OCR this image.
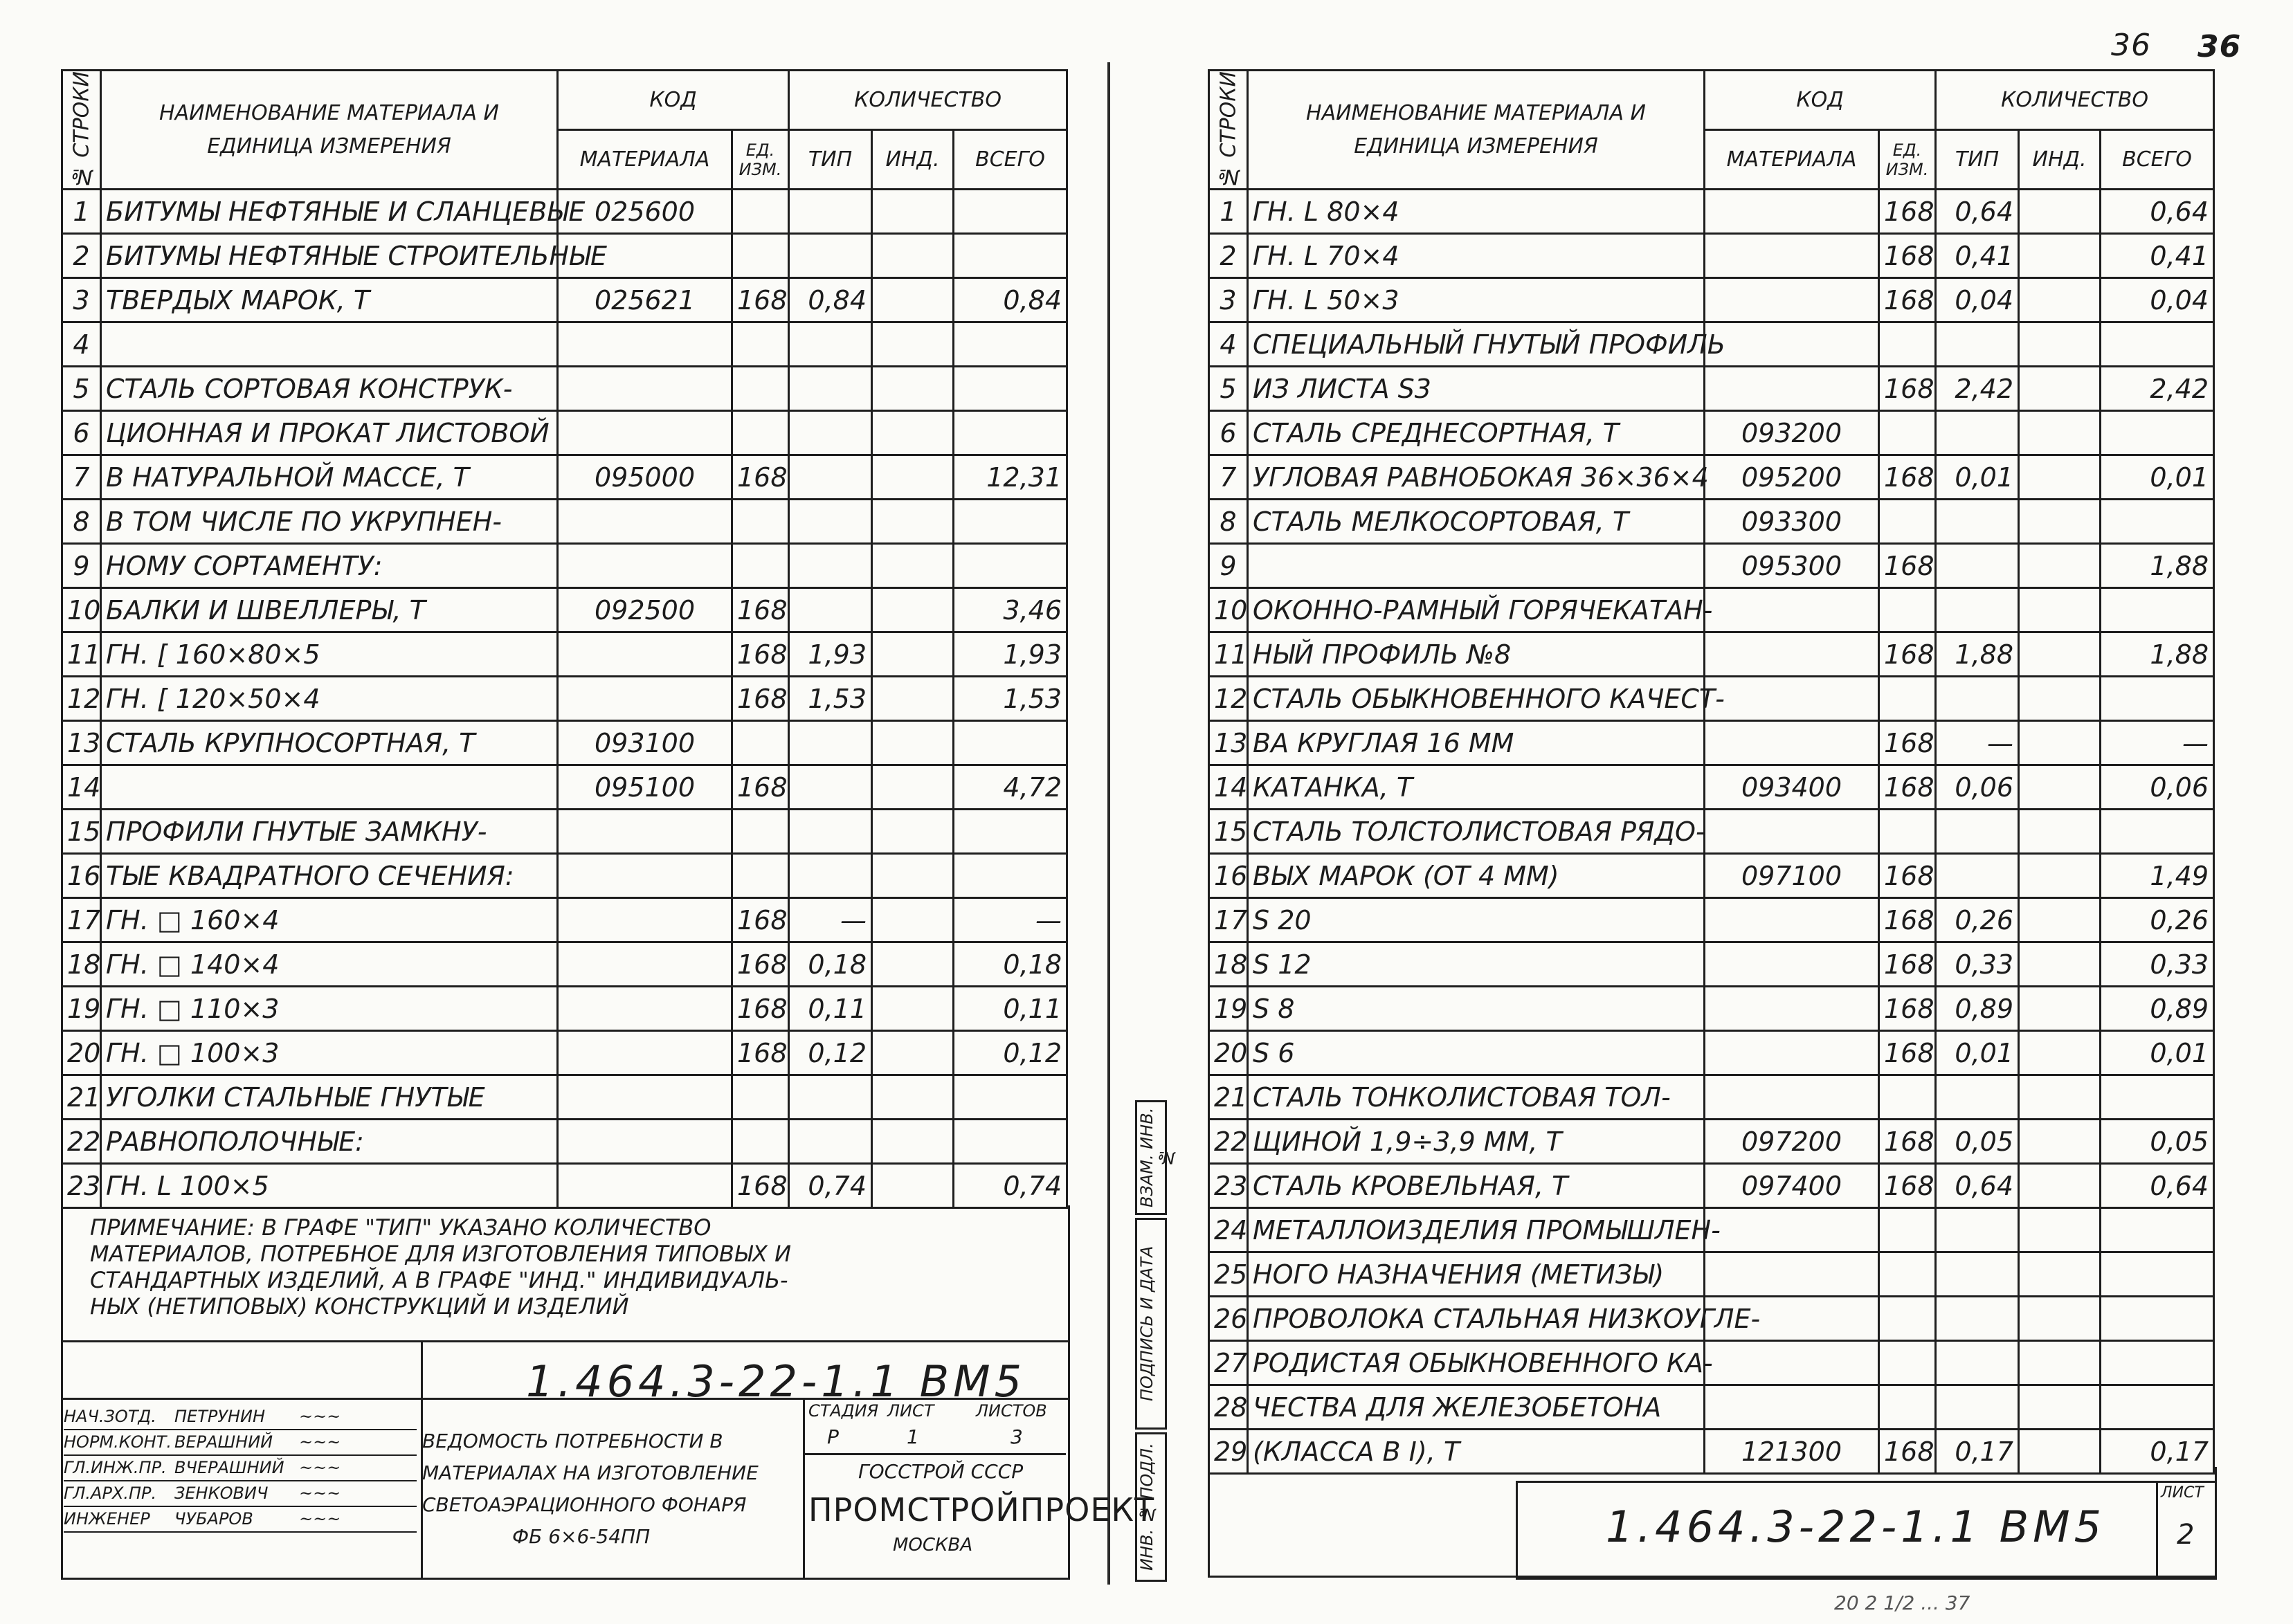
36 36
№ СТРОКИ	НАИМЕНОВАНИЕ МАТЕРИАЛА И ЕДИНИЦА ИЗМЕРЕНИЯ	КОД		КОЛИЧЕСТВО		
		МАТЕРИАЛА	ЕД. ИЗМ.	ТИП	ИНД.	ВСЕГО
1	БИТУМЫ НЕФТЯНЫЕ И СЛАНЦЕВЫЕ	025600				
2	БИТУМЫ НЕФТЯНЫЕ СТРОИТЕЛЬНЫЕ					
3	ТВЕРДЫХ МАРОК, Т	025621	168	0,84		0,84
4						
5	СТАЛЬ СОРТОВАЯ КОНСТРУК-					
6	ЦИОННАЯ И ПРОКАТ ЛИСТОВОЙ					
7	В НАТУРАЛЬНОЙ МАССЕ, Т	095000	168			12,31
8	В ТОМ ЧИСЛЕ ПО УКРУПНЕН-					
9	НОМУ СОРТАМЕНТУ:					
10	БАЛКИ И ШВЕЛЛЕРЫ, Т	092500	168			3,46
11	ГН. [ 160×80×5		168	1,93		1,93
12	ГН. [ 120×50×4		168	1,53		1,53
13	СТАЛЬ КРУПНОСОРТНАЯ, Т	093100				
14		095100	168			4,72
15	ПРОФИЛИ ГНУТЫЕ ЗАМКНУ-					
16	ТЫЕ КВАДРАТНОГО СЕЧЕНИЯ:					
17	ГН. □ 160×4		168	—		—
18	ГН. □ 140×4		168	0,18		0,18
19	ГН. □ 110×3		168	0,11		0,11
20	ГН. □ 100×3		168	0,12		0,12
21	УГОЛКИ СТАЛЬНЫЕ ГНУТЫЕ					
22	РАВНОПОЛОЧНЫЕ:					
23	ГН. L 100×5		168	0,74		0,74
ПРИМЕЧАНИЕ: В ГРАФЕ "ТИП" УКАЗАНО КОЛИЧЕСТВО
МАТЕРИАЛОВ, ПОТРЕБНОЕ ДЛЯ ИЗГОТОВЛЕНИЯ ТИПОВЫХ И
СТАНДАРТНЫХ ИЗДЕЛИЙ, А В ГРАФЕ "ИНД." ИНДИВИДУАЛЬ-
НЫХ (НЕТИПОВЫХ) КОНСТРУКЦИЙ И ИЗДЕЛИЙ
НАЧ.ЗОТД. ПЕТРУНИН ~~~
НОРМ.КОНТ. ВЕРАШНИЙ ~~~
ГЛ.ИНЖ.ПР. ВЧЕРАШНИЙ ~~~
ГЛ.АРХ.ПР. ЗЕНКОВИЧ ~~~
ИНЖЕНЕР ЧУБАРОВ	~~~
1.464.3-22-1.1 ВМ5
ВЕДОМОСТЬ ПОТРЕБНОСТИ В
МАТЕРИАЛАХ НА ИЗГОТОВЛЕНИЕ
СВЕТОАЭРАЦИОННОГО ФОНАРЯ
ФБ 6×6-54ПП
СТАДИЯ ЛИСТ	ЛИСТОВ
Р	1	3
ГОССТРОЙ СССР
ПРОМСТРОЙПРОЕКТ
МОСКВА	ИНВ. № ПОДЛ.
ПОДПИСЬ И ДАТА
ВЗАМ. ИНВ. №
№ СТРОКИ	НАИМЕНОВАНИЕ МАТЕРИАЛА И ЕДИНИЦА ИЗМЕРЕНИЯ	КОД		КОЛИЧЕСТВО		
		МАТЕРИАЛА	ЕД. ИЗМ.	ТИП	ИНД.	ВСЕГО
1	ГН. L 80×4		168	0,64		0,64
2	ГН. L 70×4		168	0,41		0,41
3	ГН. L 50×3		168	0,04		0,04
4	СПЕЦИАЛЬНЫЙ ГНУТЫЙ ПРОФИЛЬ					
5	ИЗ ЛИСТА S3		168	2,42		2,42
6	СТАЛЬ СРЕДНЕСОРТНАЯ, Т	093200				
7	УГЛОВАЯ РАВНОБОКАЯ 36×36×4	095200	168	0,01		0,01
8	СТАЛЬ МЕЛКОСОРТОВАЯ, Т	093300				
9		095300	168			1,88
10	ОКОННО-РАМНЫЙ ГОРЯЧЕКАТАН-					
11	НЫЙ ПРОФИЛЬ №8		168	1,88		1,88
12	СТАЛЬ ОБЫКНОВЕННОГО КАЧЕСТ-					
13	ВА КРУГЛАЯ 16 ММ		168	—		—
14	КАТАНКА, Т	093400	168	0,06		0,06
15	СТАЛЬ ТОЛСТОЛИСТОВАЯ РЯДО-					
16	ВЫХ МАРОК (ОТ 4 ММ)	097100	168			1,49
17	S 20		168	0,26		0,26
18	S 12		168	0,33		0,33
19	S 8		168	0,89		0,89
20	S 6		168	0,01		0,01
21	СТАЛЬ ТОНКОЛИСТОВАЯ ТОЛ-					
22	ЩИНОЙ 1,9÷3,9 ММ, Т	097200	168	0,05		0,05
23	СТАЛЬ КРОВЕЛЬНАЯ, Т	097400	168	0,64		0,64
24	МЕТАЛЛОИЗДЕЛИЯ ПРОМЫШЛЕН-					
25	НОГО НАЗНАЧЕНИЯ (МЕТИЗЫ)					
26	ПРОВОЛОКА СТАЛЬНАЯ НИЗКОУГЛЕ-					
27	РОДИСТАЯ ОБЫКНОВЕННОГО КА-					
28	ЧЕСТВА ДЛЯ ЖЕЛЕЗОБЕТОНА					
29	(КЛАССА В I), Т	121300	168	0,17		0,17
1.464.3-22-1.1 ВМ5
ЛИСТ
2
20 2 1/2 ... 37
